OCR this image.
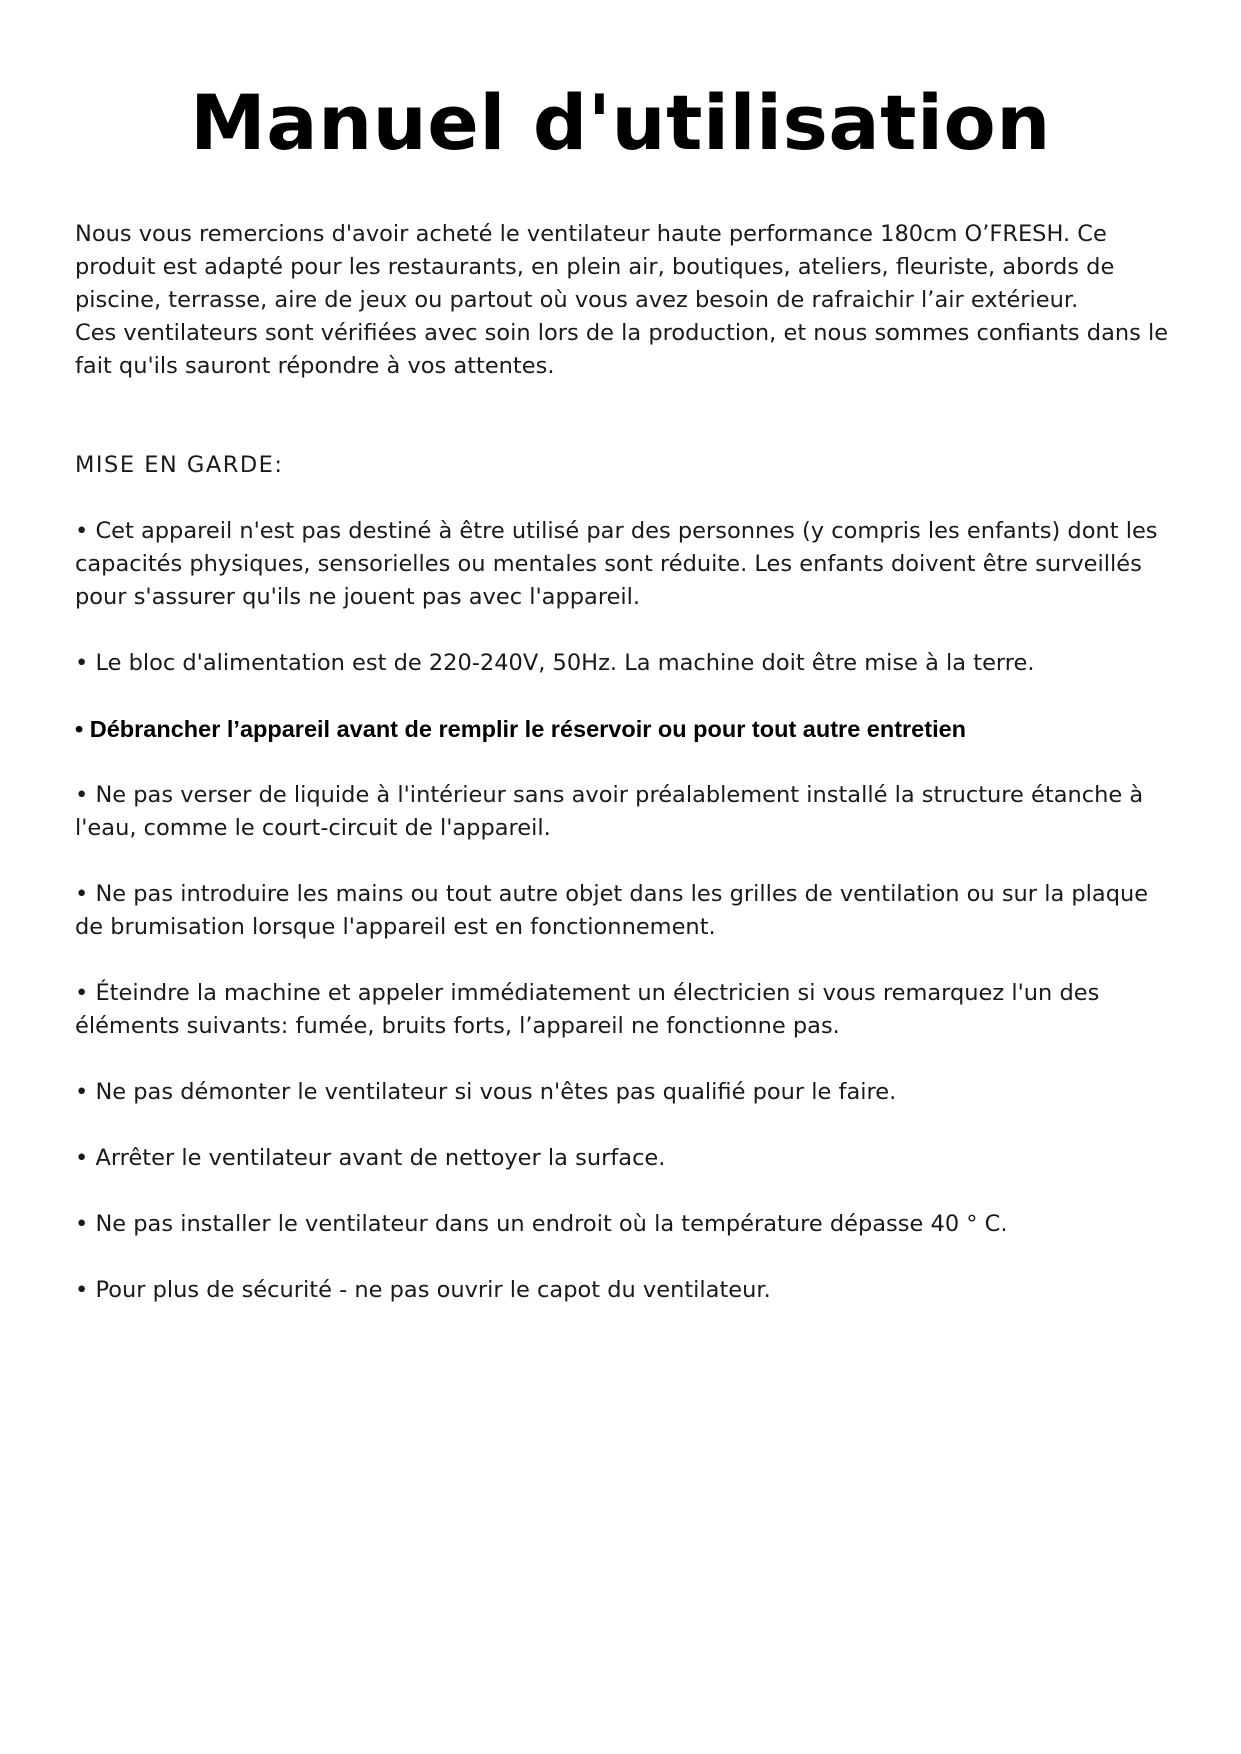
Manuel d'utilisation

Nous vous remercions d'avoir acheté le ventilateur haute performance 180cm O’FRESH. Ce produit est adapté pour les restaurants, en plein air, boutiques, ateliers, fleuriste, abords de piscine, terrasse, aire de jeux ou partout où vous avez besoin de rafraichir l’air extérieur.

Ces ventilateurs sont vérifiées avec soin lors de la production, et nous sommes confiants dans le fait qu'ils sauront répondre à vos attentes.

MISE EN GARDE:

• Cet appareil n'est pas destiné à être utilisé par des personnes (y compris les enfants) dont les capacités physiques, sensorielles ou mentales sont réduite. Les enfants doivent être surveillés pour s'assurer qu'ils ne jouent pas avec l'appareil.
• Le bloc d'alimentation est de 220-240V, 50Hz. La machine doit être mise à la terre.
• Débrancher l’appareil avant de remplir le réservoir ou pour tout autre entretien
• Ne pas verser de liquide à l'intérieur sans avoir préalablement installé la structure étanche à l'eau, comme le court-circuit de l'appareil.
• Ne pas introduire les mains ou tout autre objet dans les grilles de ventilation ou sur la plaque de brumisation lorsque l'appareil est en fonctionnement.
• Éteindre la machine et appeler immédiatement un électricien si vous remarquez l'un des éléments suivants: fumée, bruits forts, l’appareil ne fonctionne pas.
• Ne pas démonter le ventilateur si vous n'êtes pas qualifié pour le faire.
• Arrêter le ventilateur avant de nettoyer la surface.
• Ne pas installer le ventilateur dans un endroit où la température dépasse 40 ° C.
• Pour plus de sécurité - ne pas ouvrir le capot du ventilateur.
